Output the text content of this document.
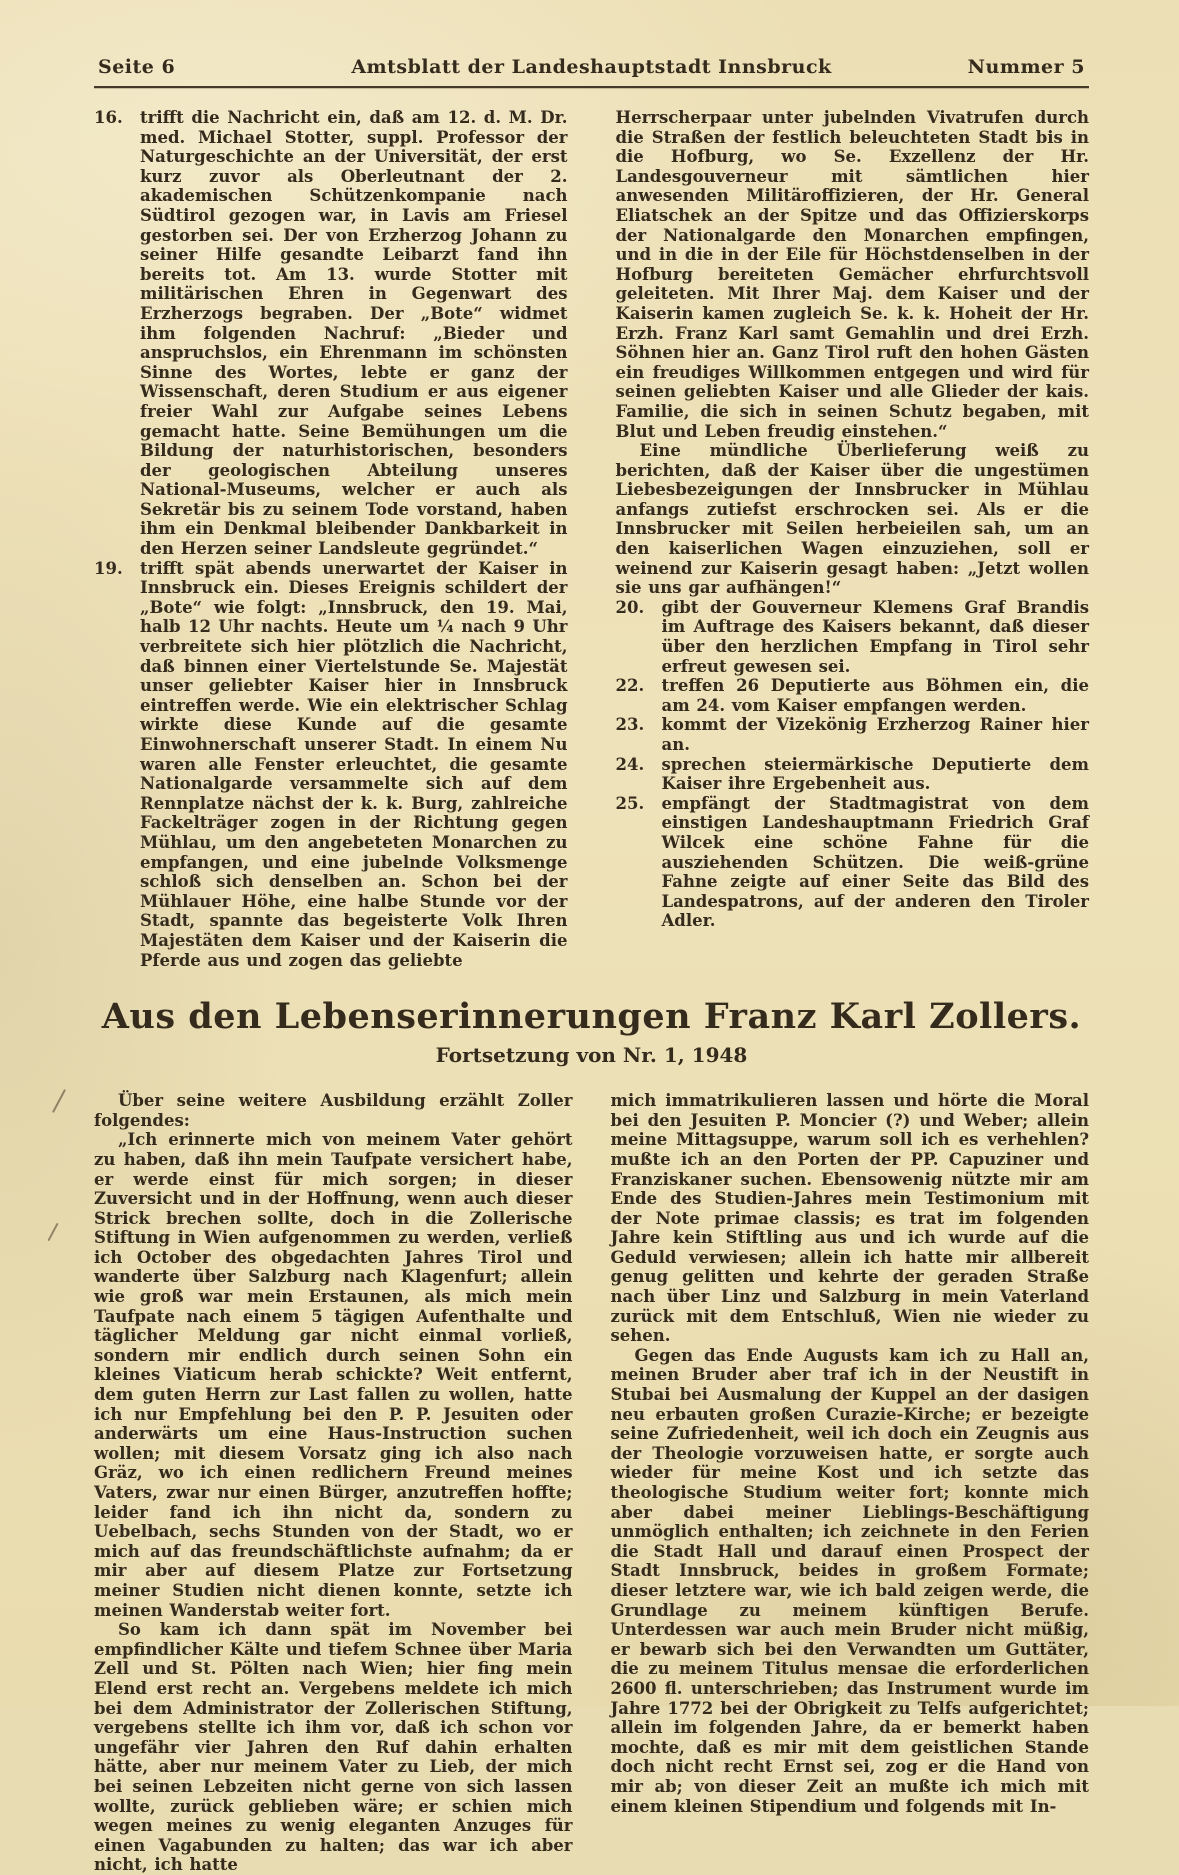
Seite 6	Amtsblatt der Landeshauptstadt Innsbruck	Nummer 5
16. trifft die Nachricht ein, daß am 12. d. M. Dr. med. Michael Stotter, suppl. Professor der Naturgeschichte an der Universität, der erst kurz zuvor als Oberleutnant der 2. akademischen Schützenkompanie nach Südtirol gezogen war, in Lavis am Friesel gestorben sei. Der von Erzherzog Johann zu seiner Hilfe gesandte Leibarzt fand ihn bereits tot. Am 13. wurde Stotter mit militärischen Ehren in Gegenwart des Erzherzogs begraben. Der „Bote“ widmet ihm folgenden Nachruf: „Bieder und anspruchslos, ein Ehrenmann im schönsten Sinne des Wortes, lebte er ganz der Wissenschaft, deren Studium er aus eigener freier Wahl zur Aufgabe seines Lebens gemacht hatte. Seine Bemühungen um die Bildung der naturhistorischen, besonders der geologischen Abteilung unseres National-Museums, welcher er auch als Sekretär bis zu seinem Tode vorstand, haben ihm ein Denkmal bleibender Dankbarkeit in den Herzen seiner Landsleute gegründet.“

19. trifft spät abends unerwartet der Kaiser in Innsbruck ein. Dieses Ereignis schildert der „Bote“ wie folgt: „Innsbruck, den 19. Mai, halb 12 Uhr nachts. Heute um ¼ nach 9 Uhr verbreitete sich hier plötzlich die Nachricht, daß binnen einer Viertelstunde Se. Majestät unser geliebter Kaiser hier in Innsbruck eintreffen werde. Wie ein elektrischer Schlag wirkte diese Kunde auf die gesamte Einwohnerschaft unserer Stadt. In einem Nu waren alle Fenster erleuchtet, die gesamte Nationalgarde versammelte sich auf dem Rennplatze nächst der k. k. Burg, zahlreiche Fackelträger zogen in der Richtung gegen Mühlau, um den angebeteten Monarchen zu empfangen, und eine jubelnde Volksmenge schloß sich denselben an. Schon bei der Mühlauer Höhe, eine halbe Stunde vor der Stadt, spannte das begeisterte Volk Ihren Majestäten dem Kaiser und der Kaiserin die Pferde aus und zogen das geliebte

Herrscherpaar unter jubelnden Vivatrufen durch die Straßen der festlich beleuchteten Stadt bis in die Hofburg, wo Se. Exzellenz der Hr. Landesgouverneur mit sämtlichen hier anwesenden Militäroffizieren, der Hr. General Eliatschek an der Spitze und das Offizierskorps der Nationalgarde den Monarchen empfingen, und in die in der Eile für Höchstdenselben in der Hofburg bereiteten Gemächer ehrfurchtsvoll geleiteten. Mit Ihrer Maj. dem Kaiser und der Kaiserin kamen zugleich Se. k. k. Hoheit der Hr. Erzh. Franz Karl samt Gemahlin und drei Erzh. Söhnen hier an. Ganz Tirol ruft den hohen Gästen ein freudiges Willkommen entgegen und wird für seinen geliebten Kaiser und alle Glieder der kais. Familie, die sich in seinen Schutz begaben, mit Blut und Leben freudig einstehen.“

Eine mündliche Überlieferung weiß zu berichten, daß der Kaiser über die ungestümen Liebesbezeigungen der Innsbrucker in Mühlau anfangs zutiefst erschrocken sei. Als er die Innsbrucker mit Seilen herbeieilen sah, um an den kaiserlichen Wagen einzuziehen, soll er weinend zur Kaiserin gesagt haben: „Jetzt wollen sie uns gar aufhängen!“

20. gibt der Gouverneur Klemens Graf Brandis im Auftrage des Kaisers bekannt, daß dieser über den herzlichen Empfang in Tirol sehr erfreut gewesen sei.

22. treffen 26 Deputierte aus Böhmen ein, die am 24. vom Kaiser empfangen werden.

23. kommt der Vizekönig Erzherzog Rainer hier an.

24. sprechen steiermärkische Deputierte dem Kaiser ihre Ergebenheit aus.

25. empfängt der Stadtmagistrat von dem einstigen Landeshauptmann Friedrich Graf Wilcek eine schöne Fahne für die ausziehenden Schützen. Die weiß-grüne Fahne zeigte auf einer Seite das Bild des Landespatrons, auf der anderen den Tiroler Adler.

Aus den Lebenserinnerungen Franz Karl Zollers.
Fortsetzung von Nr. 1, 1948

Über seine weitere Ausbildung erzählt Zoller folgendes:

„Ich erinnerte mich von meinem Vater gehört zu haben, daß ihn mein Taufpate versichert habe, er werde einst für mich sorgen; in dieser Zuversicht und in der Hoffnung, wenn auch dieser Strick brechen sollte, doch in die Zollerische Stiftung in Wien aufgenommen zu werden, verließ ich October des obgedachten Jahres Tirol und wanderte über Salzburg nach Klagenfurt; allein wie groß war mein Erstaunen, als mich mein Taufpate nach einem 5 tägigen Aufenthalte und täglicher Meldung gar nicht einmal vorließ, sondern mir endlich durch seinen Sohn ein kleines Viaticum herab schickte? Weit entfernt, dem guten Herrn zur Last fallen zu wollen, hatte ich nur Empfehlung bei den P. P. Jesuiten oder anderwärts um eine Haus-Instruction suchen wollen; mit diesem Vorsatz ging ich also nach Gräz, wo ich einen redlichern Freund meines Vaters, zwar nur einen Bürger, anzutreffen hoffte; leider fand ich ihn nicht da, sondern zu Uebelbach, sechs Stunden von der Stadt, wo er mich auf das freundschäftlichste aufnahm; da er mir aber auf diesem Platze zur Fortsetzung meiner Studien nicht dienen konnte, setzte ich meinen Wanderstab weiter fort.

So kam ich dann spät im November bei empfindlicher Kälte und tiefem Schnee über Maria Zell und St. Pölten nach Wien; hier fing mein Elend erst recht an. Vergebens meldete ich mich bei dem Administrator der Zollerischen Stiftung, vergebens stellte ich ihm vor, daß ich schon vor ungefähr vier Jahren den Ruf dahin erhalten hätte, aber nur meinem Vater zu Lieb, der mich bei seinen Lebzeiten nicht gerne von sich lassen wollte, zurück geblieben wäre; er schien mich wegen meines zu wenig eleganten Anzuges für einen Vagabunden zu halten; das war ich aber nicht, ich hatte

mich immatrikulieren lassen und hörte die Moral bei den Jesuiten P. Moncier (?) und Weber; allein meine Mittagsuppe, warum soll ich es verhehlen? mußte ich an den Porten der PP. Capuziner und Franziskaner suchen. Ebensowenig nützte mir am Ende des Studien-Jahres mein Testimonium mit der Note primae classis; es trat im folgenden Jahre kein Stiftling aus und ich wurde auf die Geduld verwiesen; allein ich hatte mir allbereit genug gelitten und kehrte der geraden Straße nach über Linz und Salzburg in mein Vaterland zurück mit dem Entschluß, Wien nie wieder zu sehen.

Gegen das Ende Augusts kam ich zu Hall an, meinen Bruder aber traf ich in der Neustift in Stubai bei Ausmalung der Kuppel an der dasigen neu erbauten großen Curazie-Kirche; er bezeigte seine Zufriedenheit, weil ich doch ein Zeugnis aus der Theologie vorzuweisen hatte, er sorgte auch wieder für meine Kost und ich setzte das theologische Studium weiter fort; konnte mich aber dabei meiner Lieblings-Beschäftigung unmöglich enthalten; ich zeichnete in den Ferien die Stadt Hall und darauf einen Prospect der Stadt Innsbruck, beides in großem Formate; dieser letztere war, wie ich bald zeigen werde, die Grundlage zu meinem künftigen Berufe. Unterdessen war auch mein Bruder nicht müßig, er bewarb sich bei den Verwandten um Guttäter, die zu meinem Titulus mensae die erforderlichen 2600 fl. unterschrieben; das Instrument wurde im Jahre 1772 bei der Obrigkeit zu Telfs aufgerichtet; allein im folgenden Jahre, da er bemerkt haben mochte, daß es mir mit dem geistlichen Stande doch nicht recht Ernst sei, zog er die Hand von mir ab; von dieser Zeit an mußte ich mich mit einem kleinen Stipendium und folgends mit In-
